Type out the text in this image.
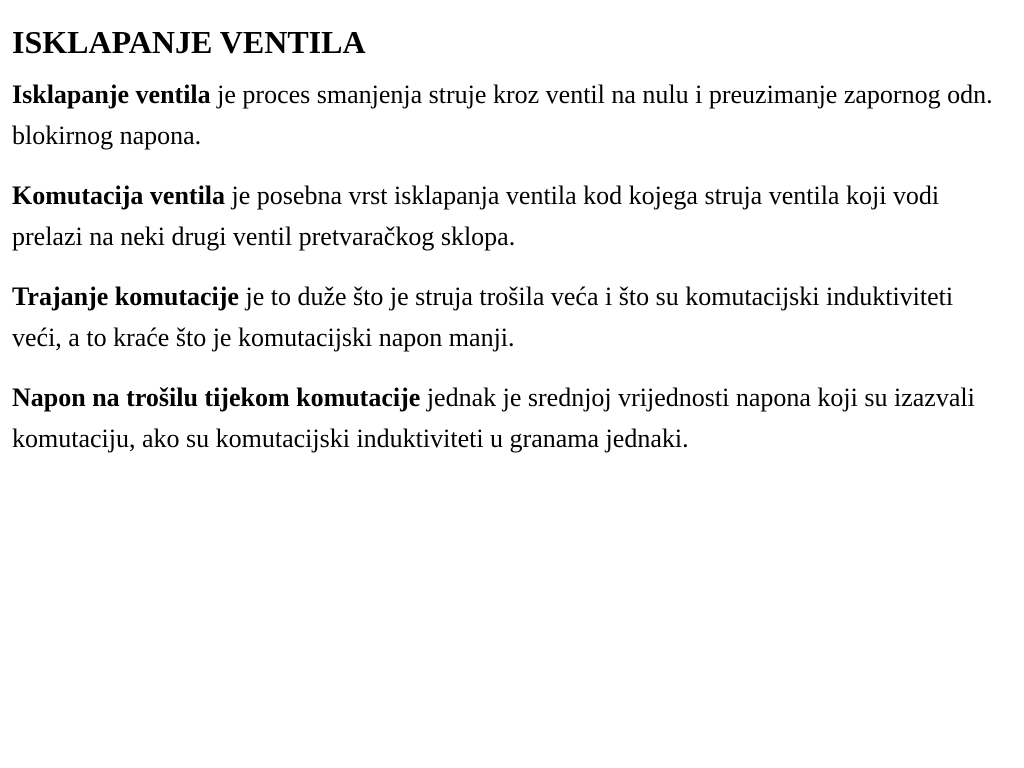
ISKLAPANJE VENTILA
Isklapanje ventila je proces smanjenja struje kroz ventil na nulu i preuzimanje zapornog odn. blokirnog napona.
Komutacija ventila je posebna vrst isklapanja ventila kod kojega struja ventila koji vodi prelazi na neki drugi ventil pretvaračkog sklopa.
Trajanje komutacije je to duže što je struja trošila veća i što su komutacijski induktiviteti veći, a to kraće što je komutacijski napon manji.
Napon na trošilu tijekom komutacije jednak je srednjoj vrijednosti napona koji su izazvali komutaciju, ako su komutacijski induktiviteti u granama jednaki.
